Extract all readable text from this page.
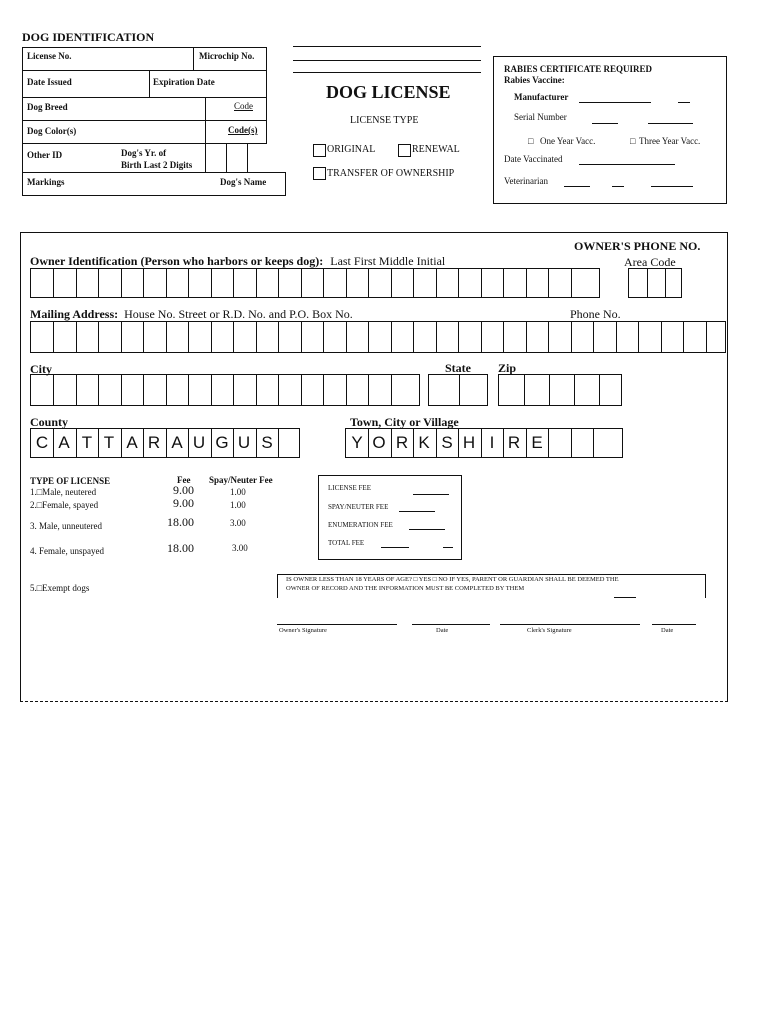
DOG IDENTIFICATION
License No.	Microchip No.
Date Issued	Expiration Date
Dog Breed	Code
Dog Color(s)	Code(s)
Other ID	Dog's Yr. of
Birth Last 2 Digits
Markings	Dog's Name
DOG LICENSE
LICENSE TYPE
ORIGINAL	RENEWAL
TRANSFER OF OWNERSHIP
RABIES CERTIFICATE REQUIRED
Rabies Vaccine:
Manufacturer
Serial Number
□ One Year Vacc.	□ Three Year Vacc.
Date Vaccinated
Veterinarian
OWNER'S PHONE NO.
Owner Identification (Person who harbors or keeps dog): Last First Middle Initial	Area Code
Mailing Address: House No. Street or R.D. No. and P.O. Box No.	Phone No.
City	State Zip
County	Town, City or Village
C A T T A R A U G U S	Y O R K S H I R E
TYPE OF LICENSE	Fee Spay/Neuter Fee
1.□Male, neutered	9.00	1.00
2.□Female, spayed	9.00	1.00
3. Male, unneutered	18.00	3.00
4. Female, unspayed	18.00	3.00
5.□Exempt dogs
LICENSE FEE
SPAY/NEUTER FEE
ENUMERATION FEE
TOTAL FEE
IS OWNER LESS THAN 18 YEARS OF AGE? □ YES □ NO IF YES, PARENT OR GUARDIAN SHALL BE DEEMED THE
OWNER OF RECORD AND THE INFORMATION MUST BE COMPLETED BY THEM
Owner's Signature	Date	Clerk's Signature	Date
